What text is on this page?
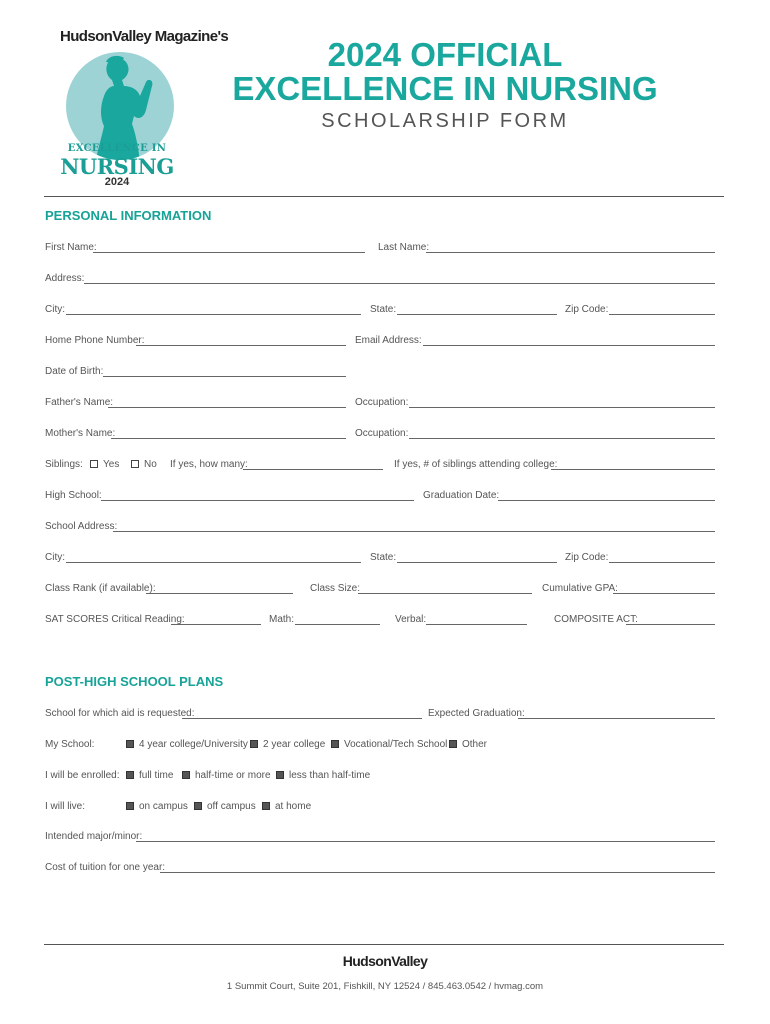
HudsonValley Magazine's
EXCELLENCE IN
NURSING
2024
2024 OFFICIAL
EXCELLENCE IN NURSING
SCHOLARSHIP FORM
PERSONAL INFORMATION
First Name:	Last Name:
Address:
City:	State:	Zip Code:
Home Phone Number:	Email Address:
Date of Birth:
Father's Name:	Occupation:
Mother's Name:	Occupation:
Siblings:	Yes	No If yes, how many:	If yes, # of siblings attending college:
High School:	Graduation Date:
School Address:
City:	State:	Zip Code:
Class Rank (if available):	Class Size:	Cumulative GPA:
SAT SCORES Critical Reading:	Math:	Verbal:	COMPOSITE ACT:
POST-HIGH SCHOOL PLANS
School for which aid is requested:	Expected Graduation:
My School:	4 year college/University	2 year college	Vocational/Tech School	Other
I will be enrolled:	full time	half-time or more	less than half-time
I will live:	on campus	off campus	at home
Intended major/minor:
Cost of tuition for one year:
HudsonValley
1 Summit Court, Suite 201, Fishkill, NY 12524 / 845.463.0542 / hvmag.com
